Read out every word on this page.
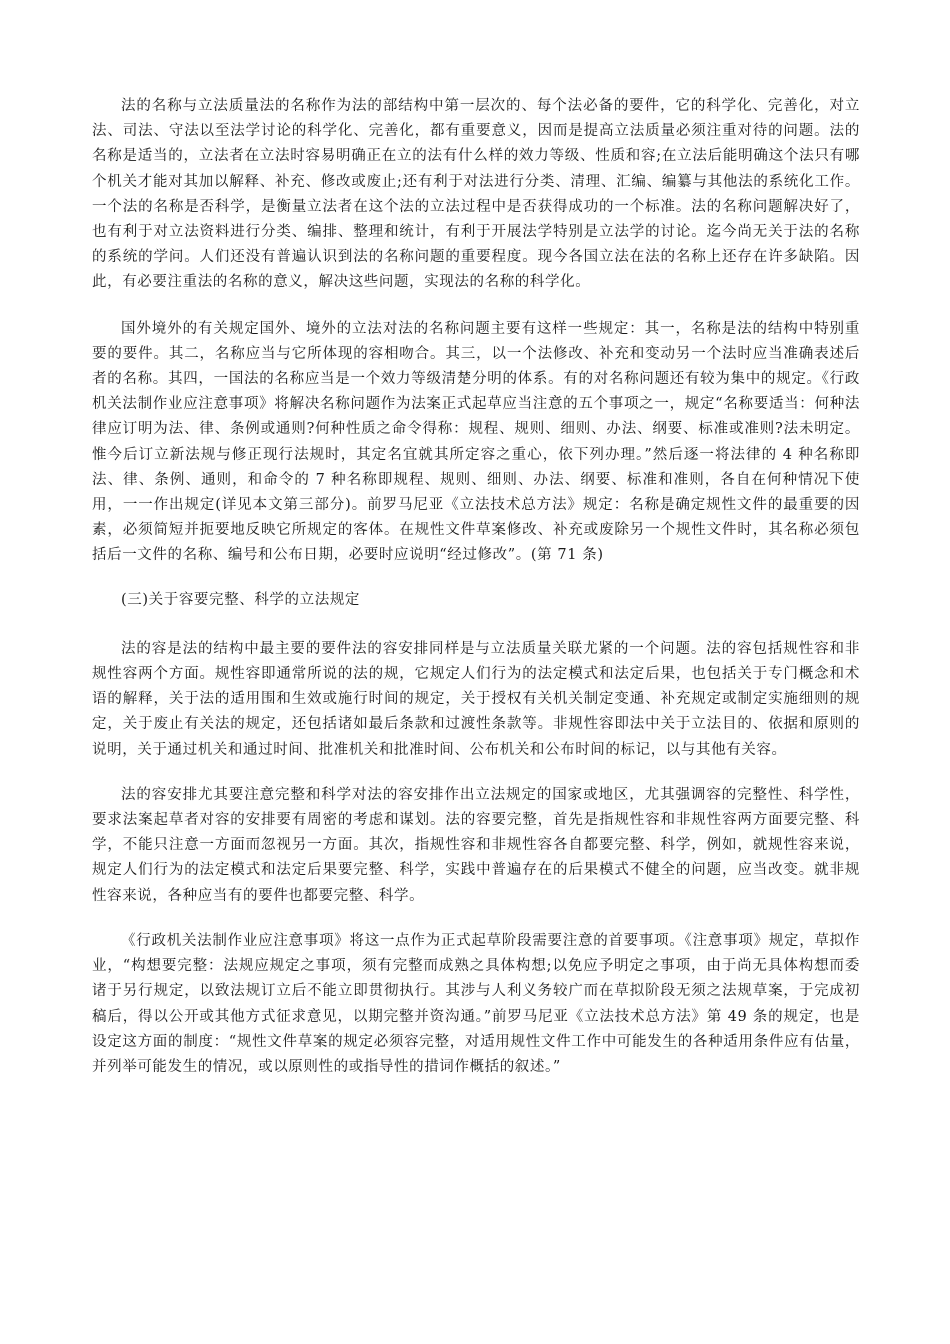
法的名称与立法质量法的名称作为法的部结构中第一层次的、每个法必备的要件，它的科学化、完善化，对立法、司法、守法以至法学讨论的科学化、完善化，都有重要意义，因而是提高立法质量必须注重对待的问题。法的名称是适当的，立法者在立法时容易明确正在立的法有什么样的效力等级、性质和容;在立法后能明确这个法只有哪个机关才能对其加以解释、补充、修改或废止;还有利于对法进行分类、清理、汇编、编纂与其他法的系统化工作。一个法的名称是否科学，是衡量立法者在这个法的立法过程中是否获得成功的一个标准。法的名称问题解决好了，也有利于对立法资料进行分类、编排、整理和统计，有利于开展法学特别是立法学的讨论。迄今尚无关于法的名称的系统的学问。人们还没有普遍认识到法的名称问题的重要程度。现今各国立法在法的名称上还存在许多缺陷。因此，有必要注重法的名称的意义，解决这些问题，实现法的名称的科学化。

国外境外的有关规定国外、境外的立法对法的名称问题主要有这样一些规定：其一，名称是法的结构中特别重要的要件。其二，名称应当与它所体现的容相吻合。其三，以一个法修改、补充和变动另一个法时应当准确表述后者的名称。其四，一国法的名称应当是一个效力等级清楚分明的体系。有的对名称问题还有较为集中的规定。《行政机关法制作业应注意事项》将解决名称问题作为法案正式起草应当注意的五个事项之一，规定“名称要适当：何种法律应订明为法、律、条例或通则?何种性质之命令得称：规程、规则、细则、办法、纲要、标准或准则?法未明定。惟今后订立新法规与修正现行法规时，其定名宜就其所定容之重心，依下列办理。”然后逐一将法律的 4 种名称即法、律、条例、通则，和命令的 7 种名称即规程、规则、细则、办法、纲要、标准和准则，各自在何种情况下使用，一一作出规定(详见本文第三部分)。前罗马尼亚《立法技术总方法》规定：名称是确定规性文件的最重要的因素，必须简短并扼要地反映它所规定的客体。在规性文件草案修改、补充或废除另一个规性文件时，其名称必须包括后一文件的名称、编号和公布日期，必要时应说明“经过修改”。(第 71 条)

(三)关于容要完整、科学的立法规定

法的容是法的结构中最主要的要件法的容安排同样是与立法质量关联尤紧的一个问题。法的容包括规性容和非规性容两个方面。规性容即通常所说的法的规，它规定人们行为的法定模式和法定后果，也包括关于专门概念和术语的解释，关于法的适用围和生效或施行时间的规定，关于授权有关机关制定变通、补充规定或制定实施细则的规定，关于废止有关法的规定，还包括诸如最后条款和过渡性条款等。非规性容即法中关于立法目的、依据和原则的说明，关于通过机关和通过时间、批准机关和批准时间、公布机关和公布时间的标记，以与其他有关容。

法的容安排尤其要注意完整和科学对法的容安排作出立法规定的国家或地区，尤其强调容的完整性、科学性，要求法案起草者对容的安排要有周密的考虑和谋划。法的容要完整，首先是指规性容和非规性容两方面要完整、科学，不能只注意一方面而忽视另一方面。其次，指规性容和非规性容各自都要完整、科学，例如，就规性容来说，规定人们行为的法定模式和法定后果要完整、科学，实践中普遍存在的后果模式不健全的问题，应当改变。就非规性容来说，各种应当有的要件也都要完整、科学。

《行政机关法制作业应注意事项》将这一点作为正式起草阶段需要注意的首要事项。《注意事项》规定，草拟作业，“构想要完整：法规应规定之事项，须有完整而成熟之具体构想;以免应予明定之事项，由于尚无具体构想而委诸于另行规定，以致法规订立后不能立即贯彻执行。其涉与人利义务较广而在草拟阶段无须之法规草案，于完成初稿后，得以公开或其他方式征求意见，以期完整并资沟通。”前罗马尼亚《立法技术总方法》第 49 条的规定，也是设定这方面的制度：“规性文件草案的规定必须容完整，对适用规性文件工作中可能发生的各种适用条件应有估量，并列举可能发生的情况，或以原则性的或指导性的措词作概括的叙述。”
